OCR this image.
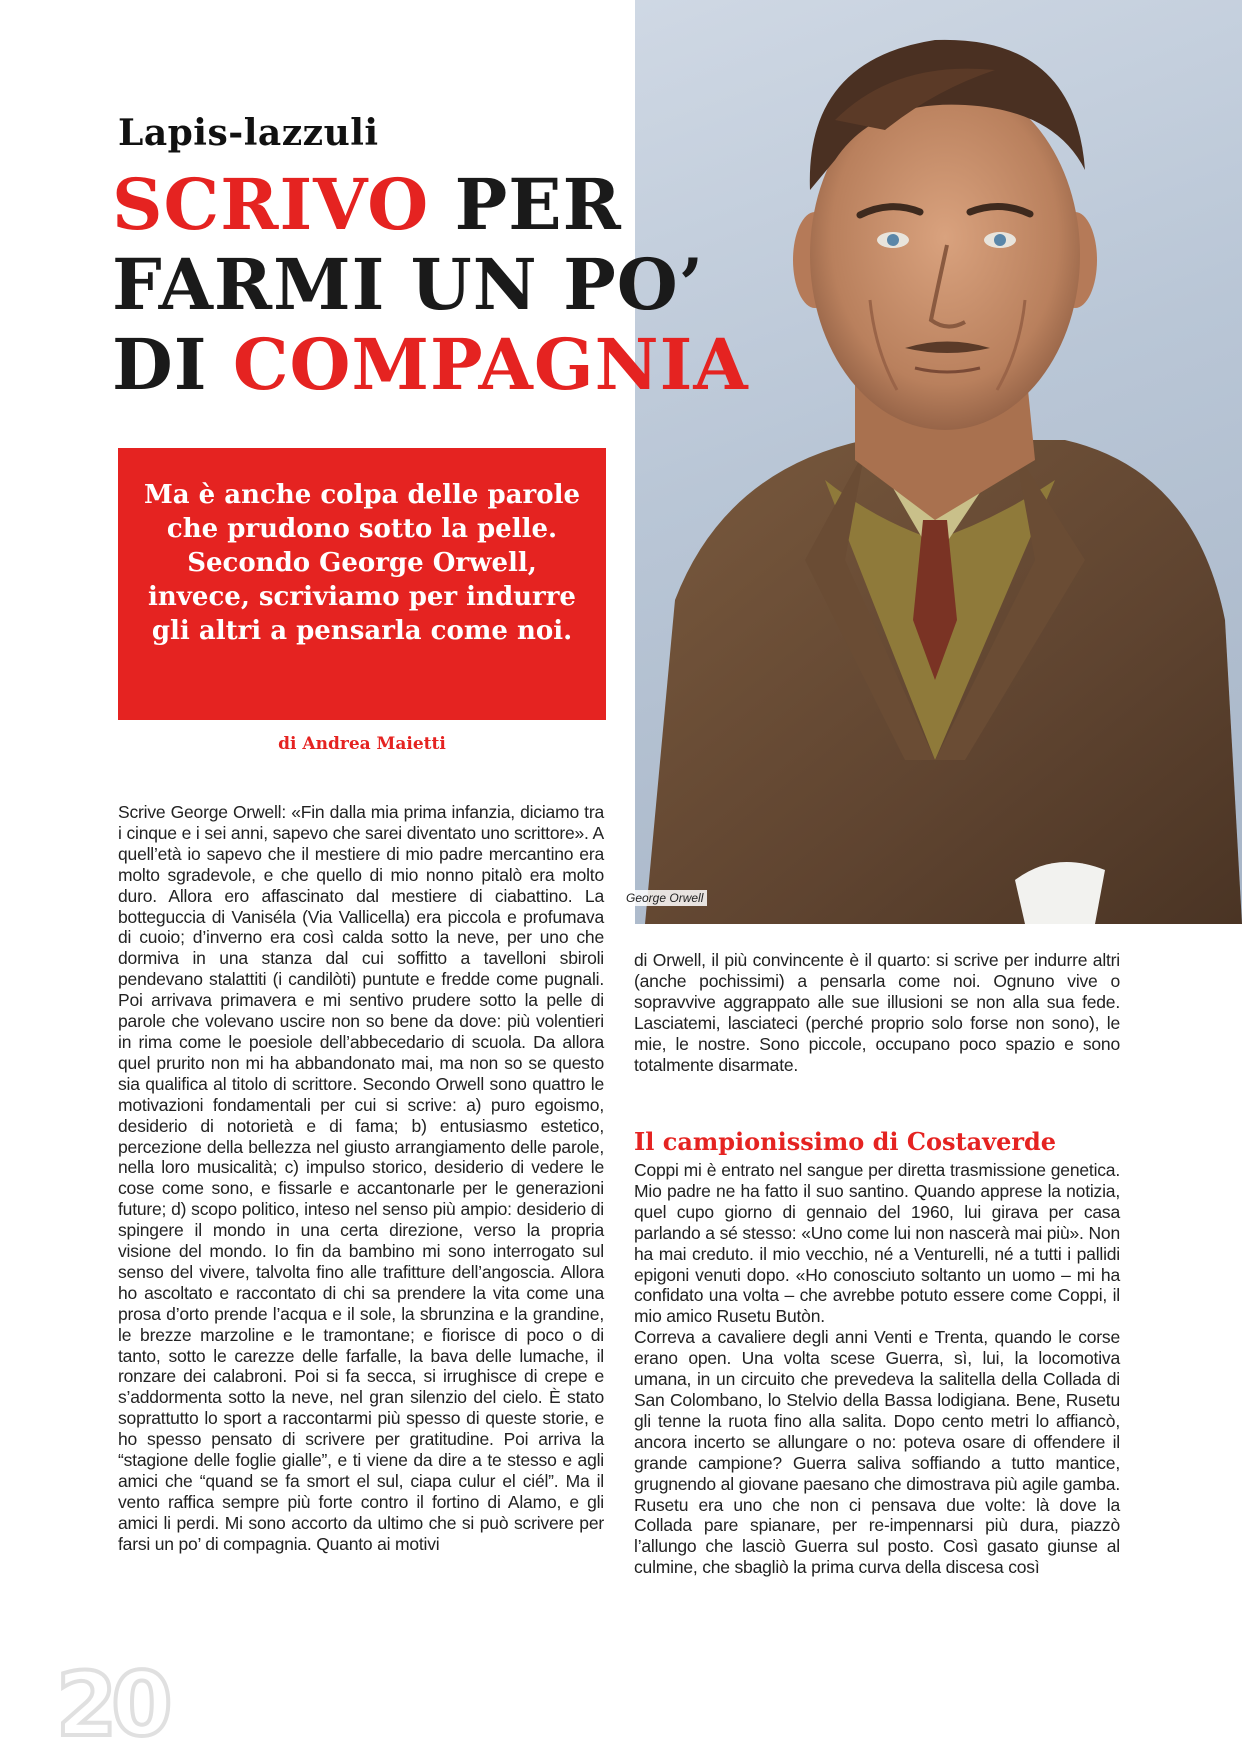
George Orwell
Lapis-lazzuli
SCRIVO PER
FARMI UN PO’
DI COMPAGNIA

Ma è anche colpa delle parole che prudono sotto la pelle. Secondo George Orwell, invece, scriviamo per indurre gli altri a pensarla come noi.

di Andrea Maietti

Scrive George Orwell: «Fin dalla mia prima infanzia, diciamo tra i cinque e i sei anni, sapevo che sarei diventato uno scrittore». A quell’età io sapevo che il mestiere di mio padre mercantino era molto sgradevole, e che quello di mio nonno pitalò era molto duro. Allora ero affascinato dal mestiere di ciabattino. La botteguccia di Vaniséla (Via Vallicella) era piccola e profumava di cuoio; d’inverno era così calda sotto la neve, per uno che dormiva in una stanza dal cui soffitto a tavelloni sbiroli pendevano stalattiti (i candilòti) puntute e fredde come pugnali. Poi arrivava primavera e mi sentivo prudere sotto la pelle di parole che volevano uscire non so bene da dove: più volentieri in rima come le poesiole dell’abbecedario di scuola. Da allora quel prurito non mi ha abbandonato mai, ma non so se questo sia qualifica al titolo di scrittore. Secondo Orwell sono quattro le motivazioni fondamentali per cui si scrive: a) puro egoismo, desiderio di notorietà e di fama; b) entusiasmo estetico, percezione della bellezza nel giusto arrangiamento delle parole, nella loro musicalità; c) impulso storico, desiderio di vedere le cose come sono, e fissarle e accantonarle per le generazioni future; d) scopo politico, inteso nel senso più ampio: desiderio di spingere il mondo in una certa direzione, verso la propria visione del mondo. Io fin da bambino mi sono interrogato sul senso del vivere, talvolta fino alle trafitture dell’angoscia. Allora ho ascoltato e raccontato di chi sa prendere la vita come una prosa d’orto prende l’acqua e il sole, la sbrunzina e la grandine, le brezze marzoline e le tramontane; e fiorisce di poco o di tanto, sotto le carezze delle farfalle, la bava delle lumache, il ronzare dei calabroni. Poi si fa secca, si irrughisce di crepe e s’addormenta sotto la neve, nel gran silenzio del cielo. È stato soprattutto lo sport a raccontarmi più spesso di queste storie, e ho spesso pensato di scrivere per gratitudine. Poi arriva la “stagione delle foglie gialle”, e ti viene da dire a te stesso e agli amici che “quand se fa smort el sul, ciapa culur el ciél”. Ma il vento raffica sempre più forte contro il fortino di Alamo, e gli amici li perdi. Mi sono accorto da ultimo che si può scrivere per farsi un po’ di compagnia. Quanto ai motivi

di Orwell, il più convincente è il quarto: si scrive per indurre altri (anche pochissimi) a pensarla come noi. Ognuno vive o sopravvive aggrappato alle sue illusioni se non alla sua fede. Lasciatemi, lasciateci (perché proprio solo forse non sono), le mie, le nostre. Sono piccole, occupano poco spazio e sono totalmente disarmate.

Il campionissimo di Costaverde

Coppi mi è entrato nel sangue per diretta trasmissione genetica. Mio padre ne ha fatto il suo santino. Quando apprese la notizia, quel cupo giorno di gennaio del 1960, lui girava per casa parlando a sé stesso: «Uno come lui non nascerà mai più». Non ha mai creduto. il mio vecchio, né a Venturelli, né a tutti i pallidi epigoni venuti dopo. «Ho conosciuto soltanto un uomo – mi ha confidato una volta – che avrebbe potuto essere come Coppi, il mio amico Rusetu Butòn.

Correva a cavaliere degli anni Venti e Trenta, quando le corse erano open. Una volta scese Guerra, sì, lui, la locomotiva umana, in un circuito che prevedeva la salitella della Collada di San Colombano, lo Stelvio della Bassa lodigiana. Bene, Rusetu gli tenne la ruota fino alla salita. Dopo cento metri lo affiancò, ancora incerto se allungare o no: poteva osare di offendere il grande campione? Guerra saliva soffiando a tutto mantice, grugnendo al giovane paesano che dimostrava più agile gamba. Rusetu era uno che non ci pensava due volte: là dove la Collada pare spianare, per re-impennarsi più dura, piazzò l’allungo che lasciò Guerra sul posto. Così gasato giunse al culmine, che sbagliò la prima curva della discesa così

20
